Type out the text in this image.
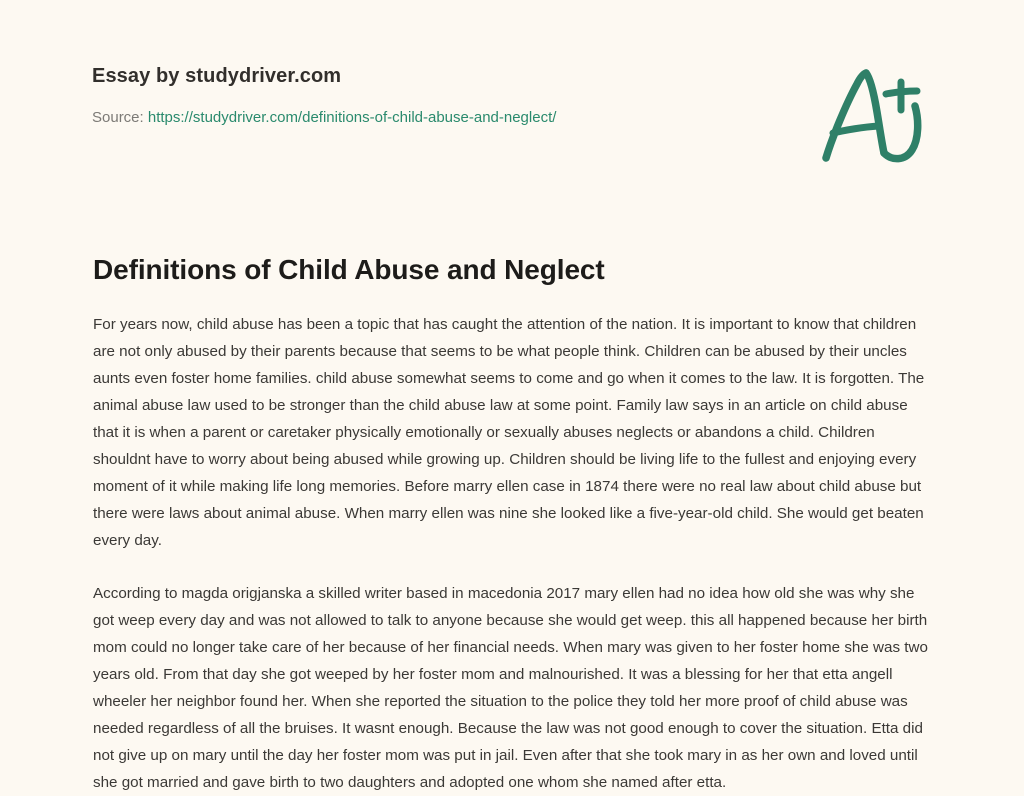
Essay by studydriver.com
Source: https://studydriver.com/definitions-of-child-abuse-and-neglect/
Definitions of Child Abuse and Neglect

For years now, child abuse has been a topic that has caught the attention of the nation. It is important to know that children are not only abused by their parents because that seems to be what people think. Children can be abused by their uncles aunts even foster home families. child abuse somewhat seems to come and go when it comes to the law. It is forgotten. The animal abuse law used to be stronger than the child abuse law at some point. Family law says in an article on child abuse that it is when a parent or caretaker physically emotionally or sexually abuses neglects or abandons a child. Children shouldnt have to worry about being abused while growing up. Children should be living life to the fullest and enjoying every moment of it while making life long memories. Before marry ellen case in 1874 there were no real law about child abuse but there were laws about animal abuse. When marry ellen was nine she looked like a five-year-old child. She would get beaten every day.

According to magda origjanska a skilled writer based in macedonia 2017 mary ellen had no idea how old she was why she got weep every day and was not allowed to talk to anyone because she would get weep. this all happened because her birth mom could no longer take care of her because of her financial needs. When mary was given to her foster home she was two years old. From that day she got weeped by her foster mom and malnourished. It was a blessing for her that etta angell wheeler her neighbor found her. When she reported the situation to the police they told her more proof of child abuse was needed regardless of all the bruises. It wasnt enough. Because the law was not good enough to cover the situation. Etta did not give up on mary until the day her foster mom was put in jail. Even after that she took mary in as her own and loved until she got married and gave birth to two daughters and adopted one whom she named after etta.
